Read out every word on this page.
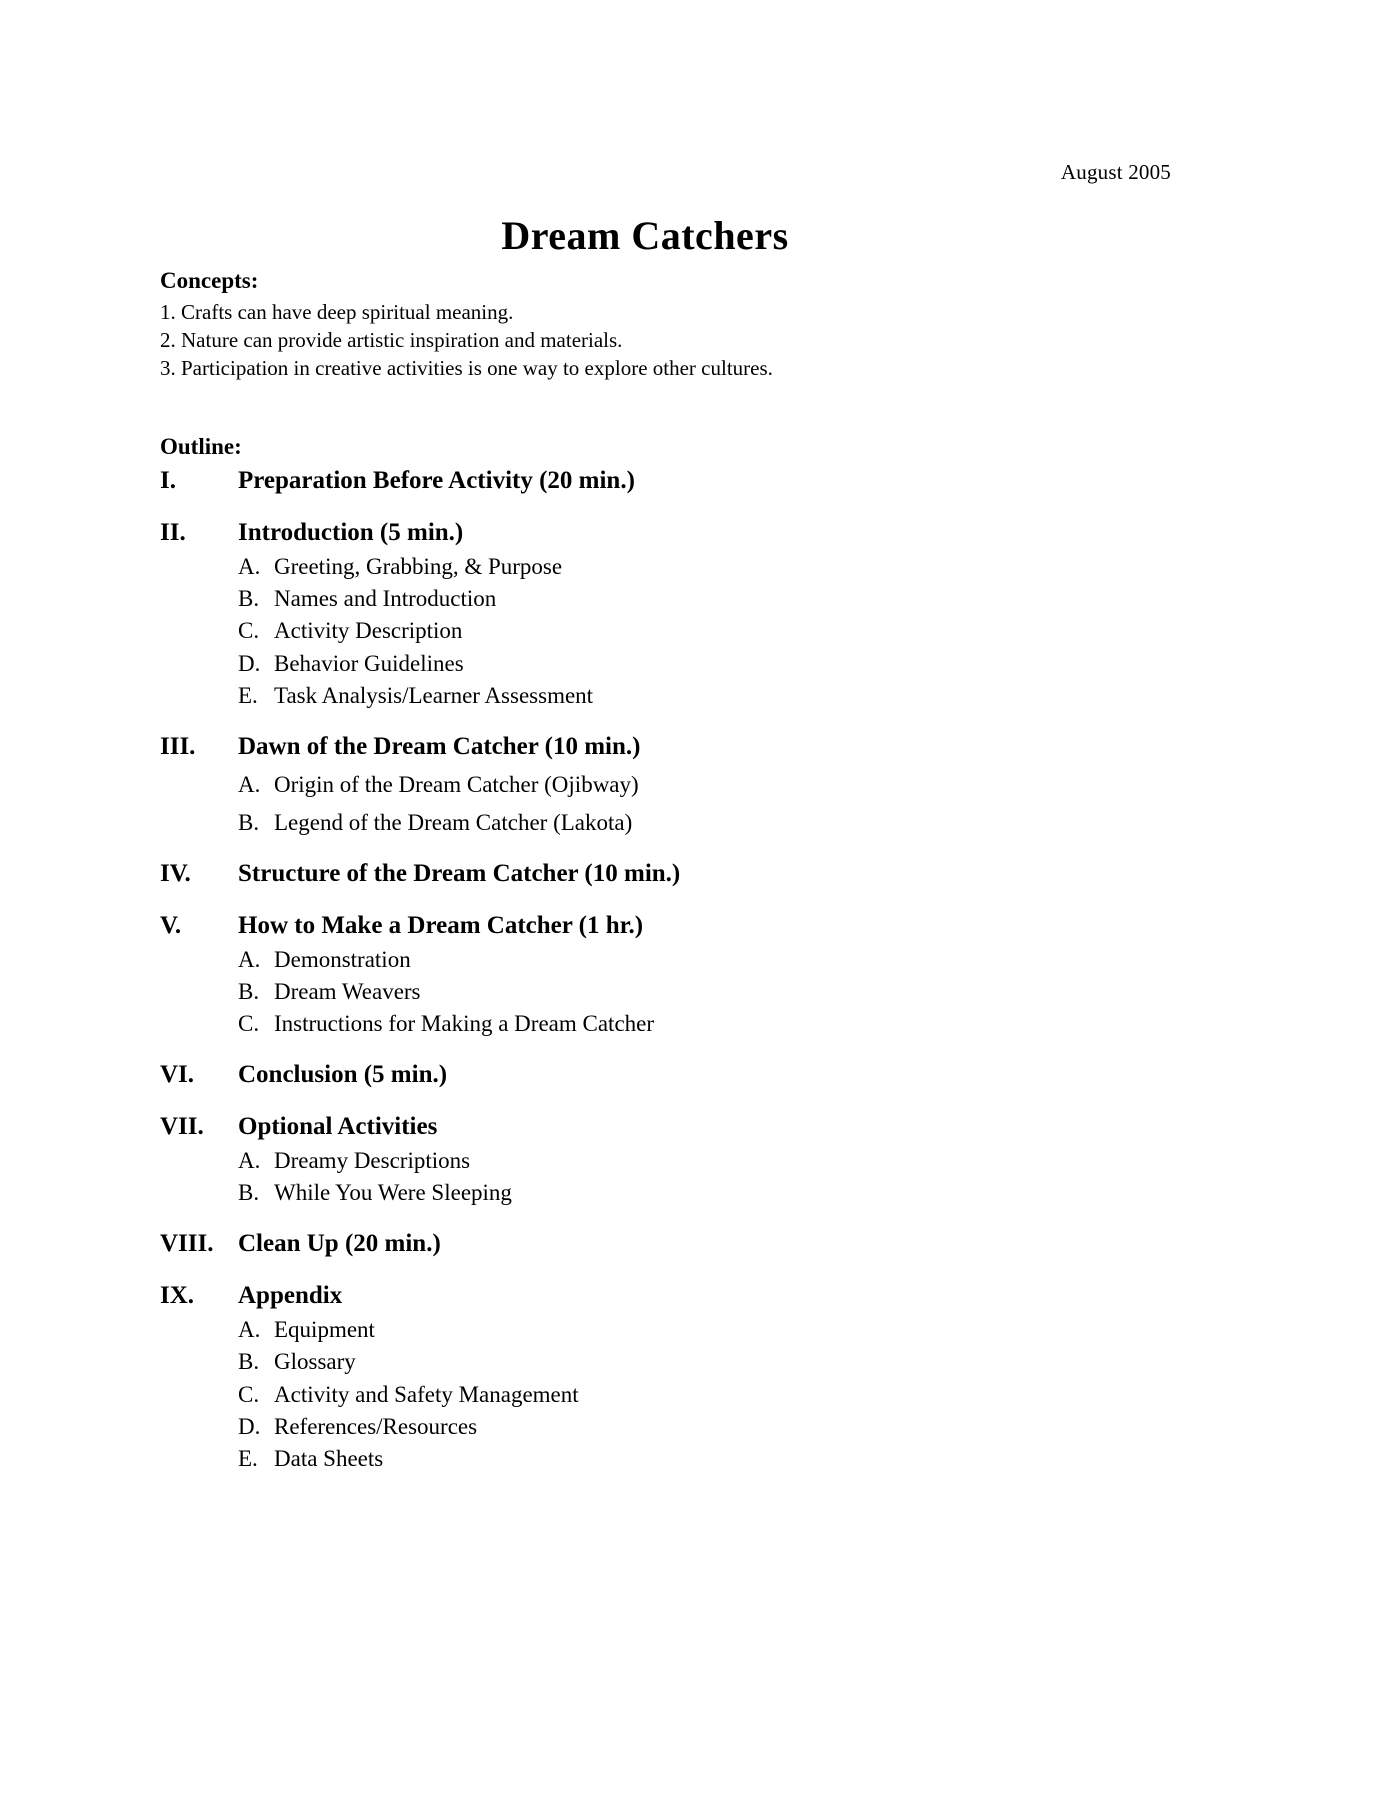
August 2005
Dream Catchers
Concepts:

1. Crafts can have deep spiritual meaning.

2. Nature can provide artistic inspiration and materials.

3. Participation in creative activities is one way to explore other cultures.

Outline:
I.	Preparation Before Activity (20 min.)
II.	Introduction (5 min.)
A. Greeting, Grabbing, & Purpose
B. Names and Introduction
C. Activity Description
D. Behavior Guidelines
E. Task Analysis/Learner Assessment
III.	Dawn of the Dream Catcher (10 min.)
A. Origin of the Dream Catcher (Ojibway)
B. Legend of the Dream Catcher (Lakota)
IV.	Structure of the Dream Catcher (10 min.)
V.	How to Make a Dream Catcher (1 hr.)
A. Demonstration
B. Dream Weavers
C. Instructions for Making a Dream Catcher
VI.	Conclusion (5 min.)
VII.	Optional Activities
A. Dreamy Descriptions
B. While You Were Sleeping
VIII. Clean Up (20 min.)
IX.	Appendix
A. Equipment
B. Glossary
C. Activity and Safety Management
D. References/Resources
E. Data Sheets
